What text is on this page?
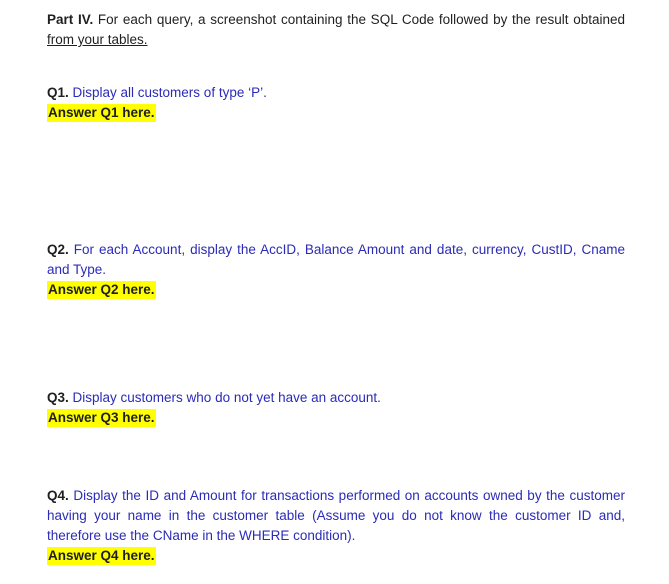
Part IV. For each query, a screenshot containing the SQL Code followed by the result obtained from your tables.

Q1. Display all customers of type ‘P’.

Answer Q1 here.

Q2. For each Account, display the AccID, Balance Amount and date, currency, CustID, Cname and Type.

Answer Q2 here.

Q3. Display customers who do not yet have an account.

Answer Q3 here.

Q4. Display the ID and Amount for transactions performed on accounts owned by the customer having your name in the customer table (Assume you do not know the customer ID and, therefore use the CName in the WHERE condition).

Answer Q4 here.
